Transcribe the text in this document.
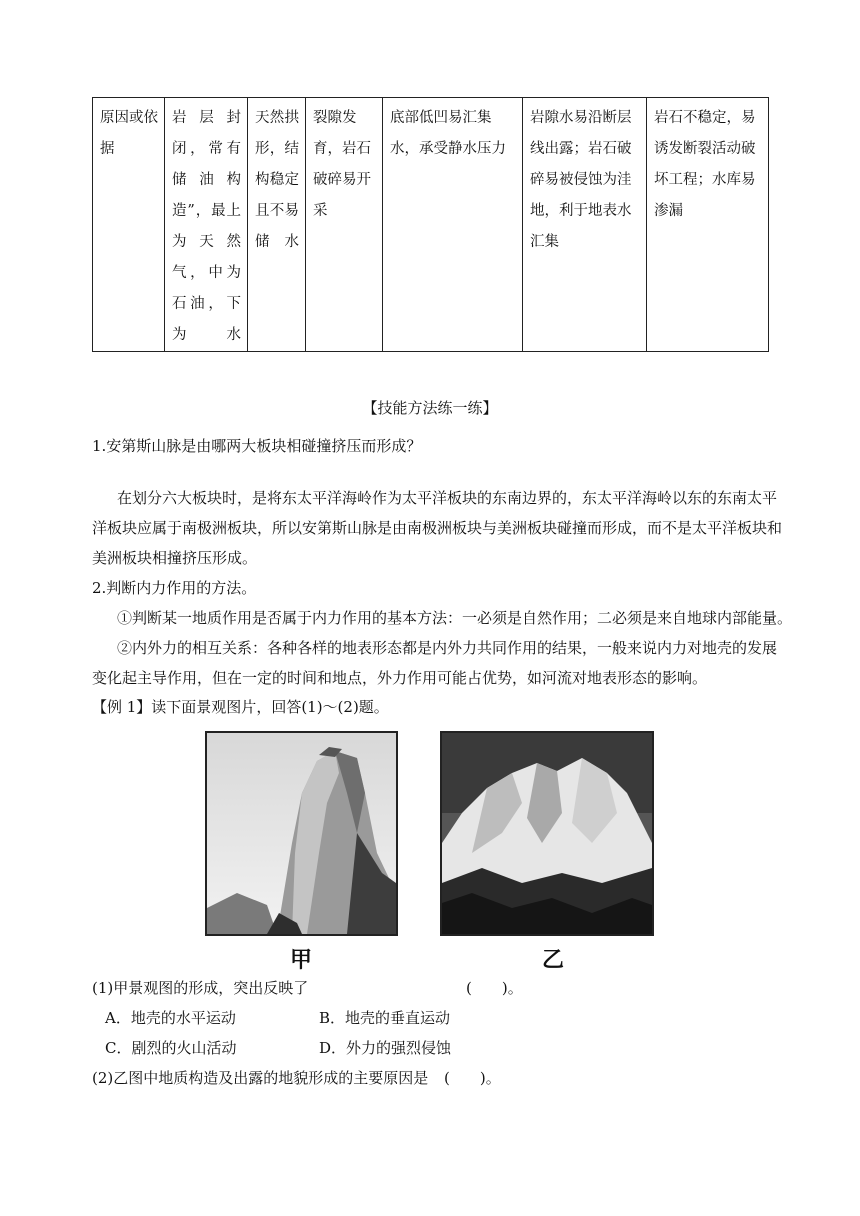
原因或依据	岩层封闭，常有储油构造”，最上为天然气，中为石油，下为水	天然拱形，结构稳定且不易储水	裂隙发育，岩石破碎易开采	底部低凹易汇集水，承受静水压力	岩隙水易沿断层线出露；岩石破碎易被侵蚀为洼地，利于地表水汇集	岩石不稳定，易诱发断裂活动破坏工程；水库易渗漏
【技能方法练一练】
1.安第斯山脉是由哪两大板块相碰撞挤压而形成？
在划分六大板块时，是将东太平洋海岭作为太平洋板块的东南边界的，东太平洋海岭以东的东南太平
洋板块应属于南极洲板块，所以安第斯山脉是由南极洲板块与美洲板块碰撞而形成，而不是太平洋板块和
美洲板块相撞挤压形成。
2.判断内力作用的方法。
①判断某一地质作用是否属于内力作用的基本方法：一必须是自然作用；二必须是来自地球内部能量。
②内外力的相互关系：各种各样的地表形态都是内外力共同作用的结果，一般来说内力对地壳的发展
变化起主导作用，但在一定的时间和地点，外力作用可能占优势，如河流对地表形态的影响。
【例 1】读下面景观图片，回答(1)～(2)题。
甲	乙
(1)甲景观图的形成，突出反映了	(　　)。
A．地壳的水平运动	B．地壳的垂直运动
C．剧烈的火山活动	D．外力的强烈侵蚀
(2)乙图中地质构造及出露的地貌形成的主要原因是 (　　)。
